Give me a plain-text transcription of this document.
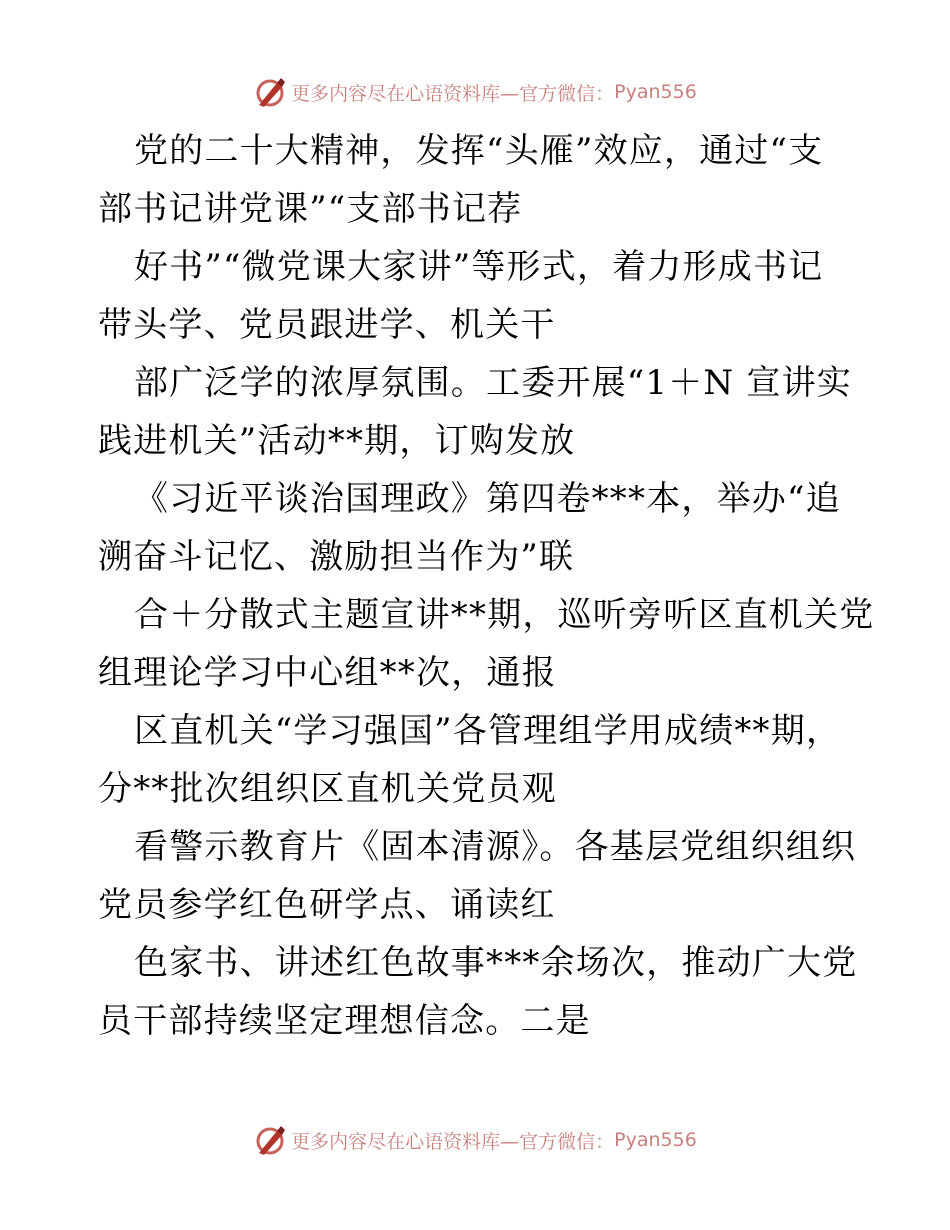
更多内容尽在心语资料库—官方微信： Pyan556
党的二十大精神，发挥“头雁”效应，通过“支
部书记讲党课”“支部书记荐
好书”“微党课大家讲”等形式，着力形成书记
带头学、党员跟进学、机关干
部广泛学的浓厚氛围。工委开展“1＋N 宣讲实
践进机关”活动**期，订购发放
《习近平谈治国理政》第四卷***本，举办“追
溯奋斗记忆、激励担当作为”联
合＋分散式主题宣讲**期，巡听旁听区直机关党
组理论学习中心组**次，通报
区直机关“学习强国”各管理组学用成绩**期，
分**批次组织区直机关党员观
看警示教育片《固本清源》。各基层党组织组织
党员参学红色研学点、诵读红
色家书、讲述红色故事***余场次，推动广大党
员干部持续坚定理想信念。二是
更多内容尽在心语资料库—官方微信： Pyan556
